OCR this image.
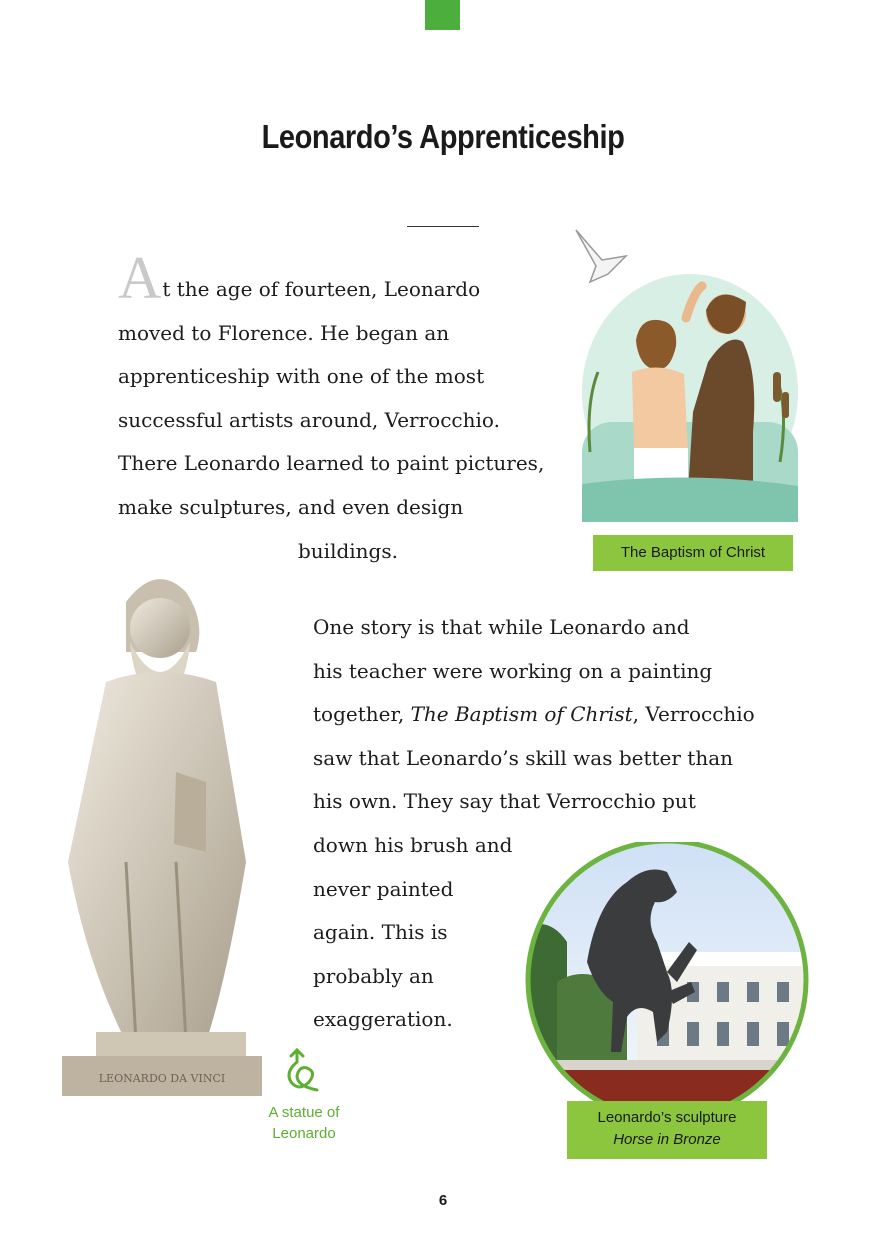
Leonardo’s Apprenticeship

At the age of fourteen, Leonardo
moved to Florence. He began an
apprenticeship with one of the most
successful artists around, Verrocchio.
There Leonardo learned to paint pictures,
make sculptures, and even design
buildings.

One story is that while Leonardo and
his teacher were working on a painting
together, The Baptism of Christ, Verrocchio
saw that Leonardo’s skill was better than
his own. They say that Verrocchio put
down his brush and
never painted
again. This is
probably an
exaggeration.

The Baptism of Christ
LEONARDO DA VINCI
A statue of
Leonardo
Leonardo’s sculpture
Horse in Bronze
6
